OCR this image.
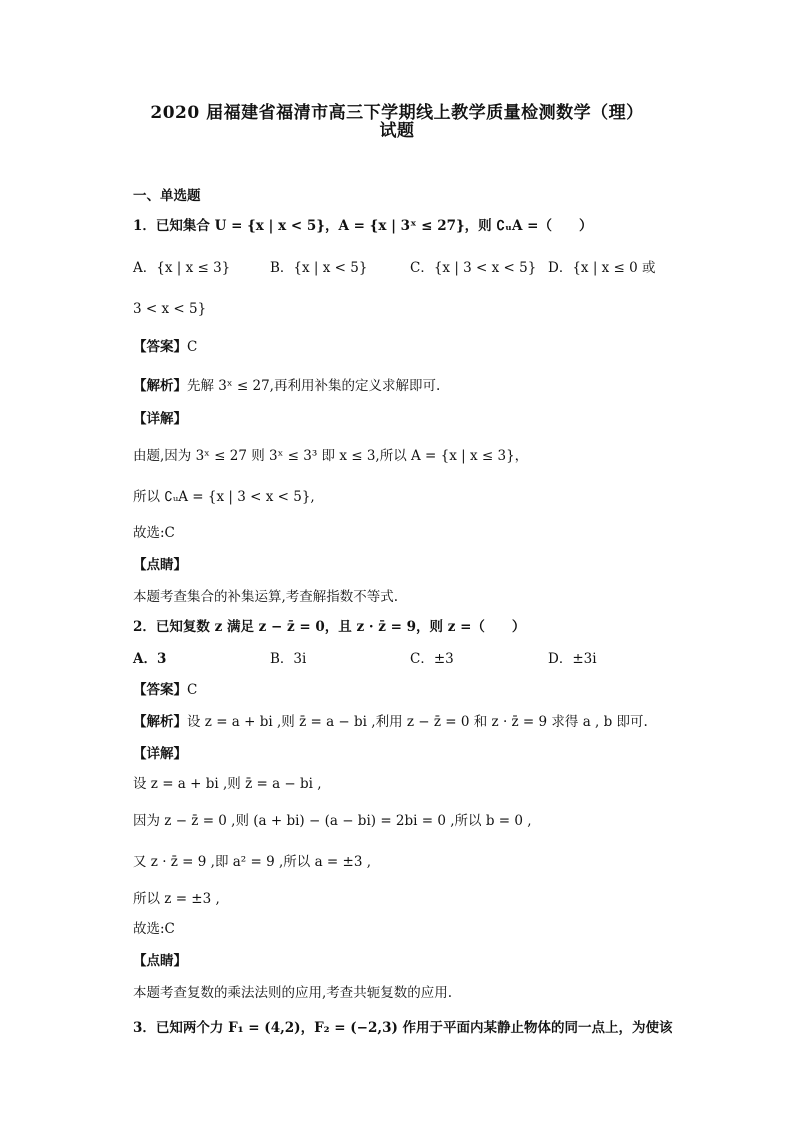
2020 届福建省福清市高三下学期线上教学质量检测数学（理）
试题
一、单选题
1．已知集合 U = {x | x < 5}，A = {x | 3ˣ ≤ 27}，则 ∁ᵤA =（　　）
A．{x | x ≤ 3}	B．{x | x < 5}	C．{x | 3 < x < 5} D．{x | x ≤ 0 或
3 < x < 5}
【答案】C
【解析】先解 3ˣ ≤ 27,再利用补集的定义求解即可.
【详解】
由题,因为 3ˣ ≤ 27 则 3ˣ ≤ 3³ 即 x ≤ 3,所以 A = {x | x ≤ 3}，
所以 ∁ᵤA = {x | 3 < x < 5},
故选:C
【点睛】
本题考查集合的补集运算,考查解指数不等式.
2．已知复数 z 满足 z − z̄ = 0，且 z · z̄ = 9，则 z =（　　）
A．3	B．3i	C．±3	D．±3i
【答案】C
【解析】设 z = a + bi ,则 z̄ = a − bi ,利用 z − z̄ = 0 和 z · z̄ = 9 求得 a , b 即可.
【详解】
设 z = a + bi ,则 z̄ = a − bi ,
因为 z − z̄ = 0 ,则 (a + bi) − (a − bi) = 2bi = 0 ,所以 b = 0 ,
又 z · z̄ = 9 ,即 a² = 9 ,所以 a = ±3 ,
所以 z = ±3 ,
故选:C
【点睛】
本题考查复数的乘法法则的应用,考查共轭复数的应用.
3．已知两个力 F₁ = (4,2)，F₂ = (−2,3) 作用于平面内某静止物体的同一点上，为使该
